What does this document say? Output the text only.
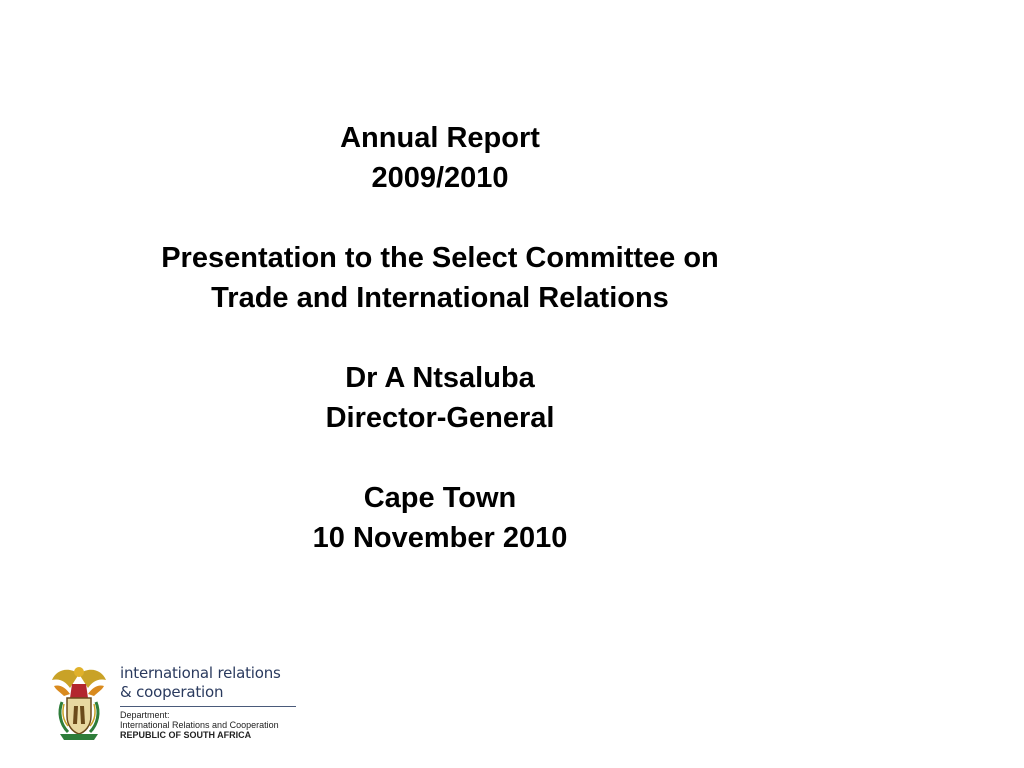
Annual Report
2009/2010
Presentation to the Select Committee on
Trade and International Relations
Dr A Ntsaluba
Director-General
Cape Town
10 November 2010
international relations
& cooperation
Department:
International Relations and Cooperation
REPUBLIC OF SOUTH AFRICA
